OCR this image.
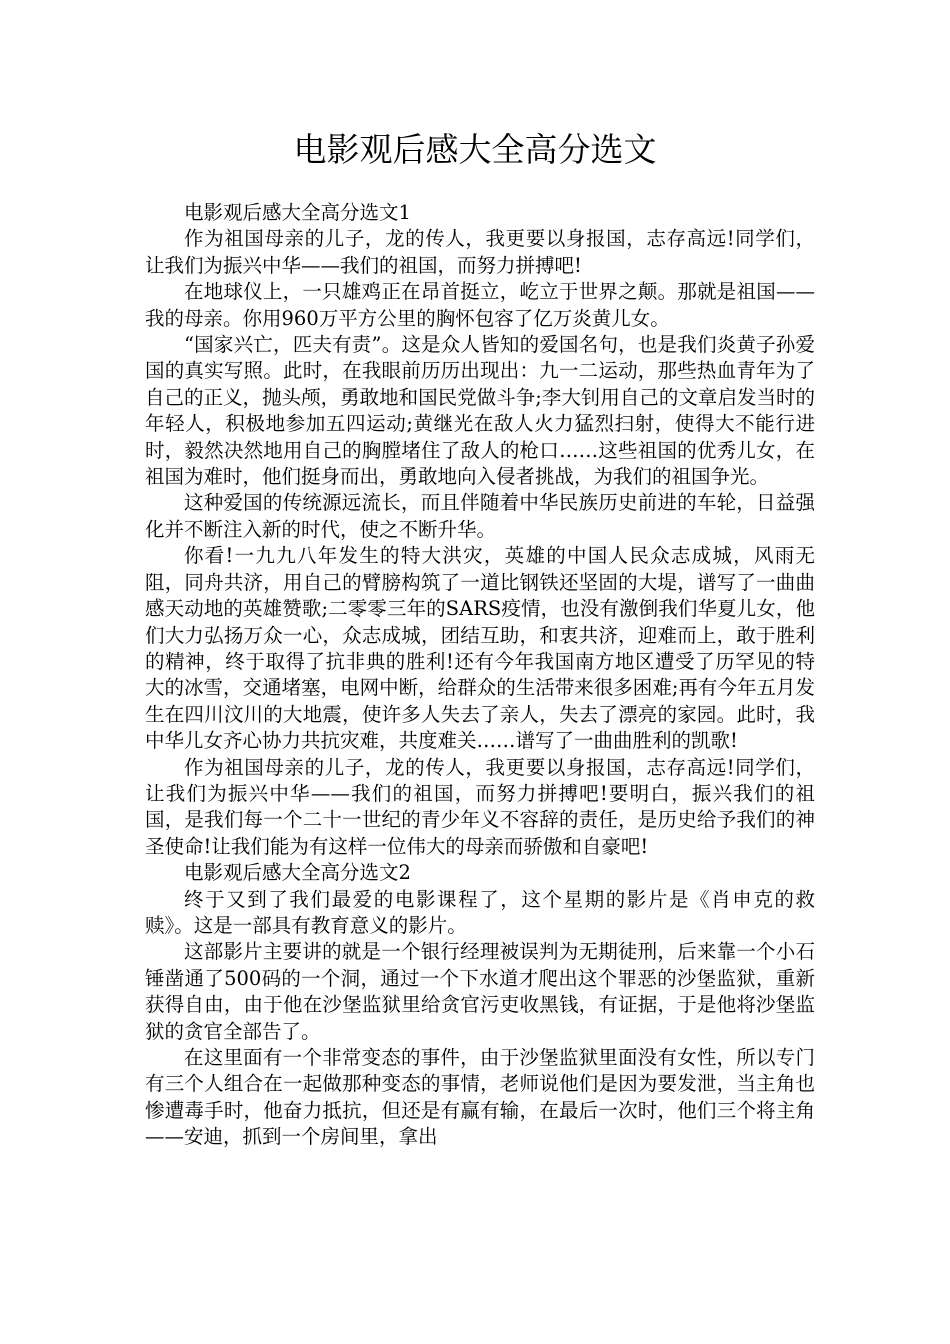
电影观后感大全高分选文
电影观后感大全高分选文1

作为祖国母亲的儿子，龙的传人，我更要以身报国，志存高远!同学们，让我们为振兴中华——我们的祖国，而努力拼搏吧!

在地球仪上，一只雄鸡正在昂首挺立，屹立于世界之颠。那就是祖国——我的母亲。你用960万平方公里的胸怀包容了亿万炎黄儿女。

“国家兴亡，匹夫有责”。这是众人皆知的爱国名句，也是我们炎黄子孙爱国的真实写照。此时，在我眼前历历出现出：九一二运动，那些热血青年为了自己的正义，抛头颅，勇敢地和国民党做斗争;李大钊用自己的文章启发当时的年轻人，积极地参加五四运动;黄继光在敌人火力猛烈扫射，使得大不能行进时，毅然决然地用自己的胸膛堵住了敌人的枪口……这些祖国的优秀儿女，在祖国为难时，他们挺身而出，勇敢地向入侵者挑战，为我们的祖国争光。

这种爱国的传统源远流长，而且伴随着中华民族历史前进的车轮，日益强化并不断注入新的时代，使之不断升华。

你看!一九九八年发生的特大洪灾，英雄的中国人民众志成城，风雨无阻，同舟共济，用自己的臂膀构筑了一道比钢铁还坚固的大堤，谱写了一曲曲感天动地的英雄赞歌;二零零三年的SARS疫情，也没有激倒我们华夏儿女，他们大力弘扬万众一心，众志成城，团结互助，和衷共济，迎难而上，敢于胜利的精神，终于取得了抗非典的胜利!还有今年我国南方地区遭受了历罕见的特大的冰雪，交通堵塞，电网中断，给群众的生活带来很多困难;再有今年五月发生在四川汶川的大地震，使许多人失去了亲人，失去了漂亮的家园。此时，我中华儿女齐心协力共抗灾难，共度难关……谱写了一曲曲胜利的凯歌!

作为祖国母亲的儿子，龙的传人，我更要以身报国，志存高远!同学们，让我们为振兴中华——我们的祖国，而努力拼搏吧!要明白，振兴我们的祖国，是我们每一个二十一世纪的青少年义不容辞的责任，是历史给予我们的神圣使命!让我们能为有这样一位伟大的母亲而骄傲和自豪吧!

电影观后感大全高分选文2

终于又到了我们最爱的电影课程了，这个星期的影片是《肖申克的救赎》。这是一部具有教育意义的影片。

这部影片主要讲的就是一个银行经理被误判为无期徒刑，后来靠一个小石锤凿通了500码的一个洞，通过一个下水道才爬出这个罪恶的沙堡监狱，重新获得自由，由于他在沙堡监狱里给贪官污吏收黑钱，有证据，于是他将沙堡监狱的贪官全部告了。

在这里面有一个非常变态的事件，由于沙堡监狱里面没有女性，所以专门有三个人组合在一起做那种变态的事情，老师说他们是因为要发泄，当主角也惨遭毒手时，他奋力抵抗，但还是有赢有输，在最后一次时，他们三个将主角——安迪，抓到一个房间里，拿出
